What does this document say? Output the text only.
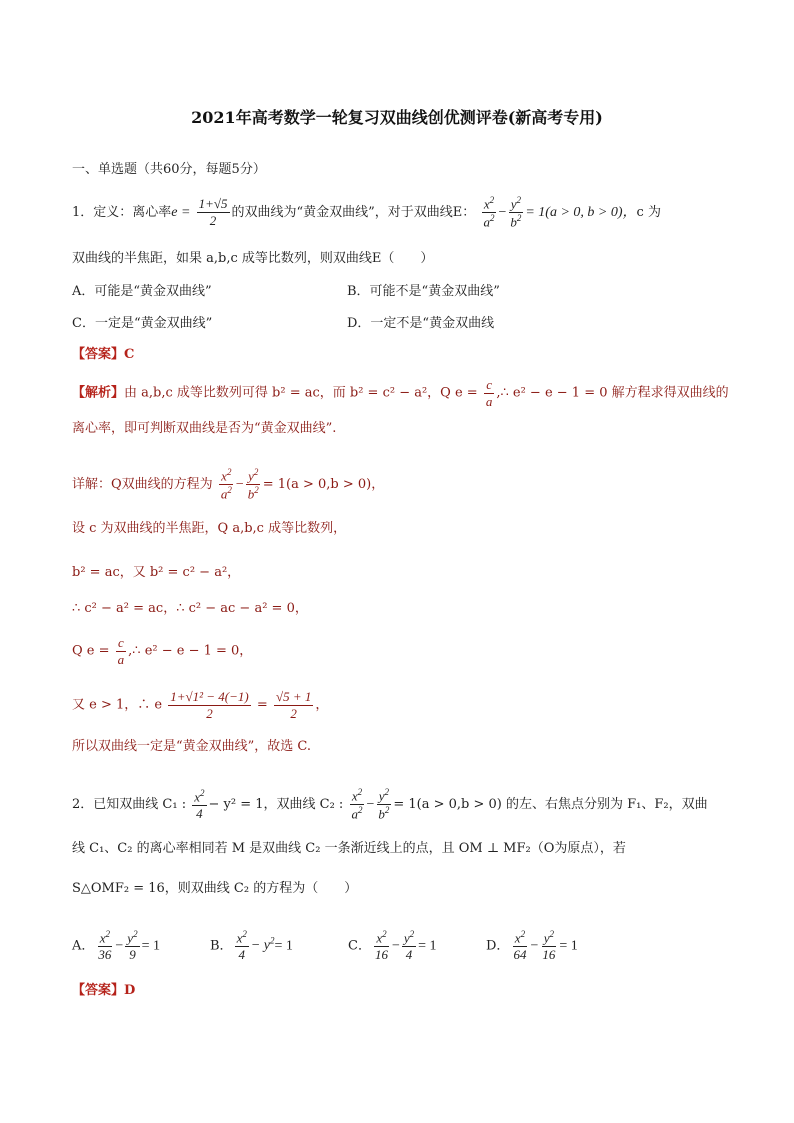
2021年高考数学一轮复习双曲线创优测评卷(新高考专用)
一、单选题（共60分，每题5分）
1．定义：离心率$e = \frac{1+√5}{2}$ 的双曲线为“黄金双曲线”，对于双曲线E： $\frac{x^2}{a^2} - \frac{y^2}{b^2} = 1(a > 0$, b > 0)，c 为
双曲线的半焦距，如果 a,b,c 成等比数列，则双曲线E（　　）
A．可能是“黄金双曲线”	B．可能不是“黄金双曲线”
C．一定是“黄金双曲线”	D．一定不是“黄金双曲线
【答案】C
【解析】由 a,b,c 成等比数列可得 b² = ac，而 b² = c² − a²，Q $e = \frac{c}{a}$ ,∴ e² − e − 1 = 0 解方程求得双曲线的
离心率，即可判断双曲线是否为“黄金双曲线”.
详解：Q双曲线的方程为 $\frac{x^2}{a^2} - \frac{y^2}{b^2} = 1(a > 0,b > 0)$，
设 c 为双曲线的半焦距，Q a,b,c 成等比数列，
b² = ac，又 b² = c² − a²，
∴ c² − a² = ac，∴ c² − ac − a² = 0，
Q $e = \frac{c}{a}$ ,∴ e² − e − 1 = 0，
又 e > 1，∴ e $\frac{\text{1+√1² − 4(−1)}}{2} = \frac{√5 + 1}{2}$ ，
所以双曲线一定是“黄金双曲线”，故选 C.
2．已知双曲线 C₁ : $\frac{x^2}{4} - y^2 = 1$，双曲线 C₂ : $\frac{x^2}{a^2} - \frac{y^2}{b^2} = 1(a > 0,b > 0)$ 的左、右焦点分别为 F₁、F₂，双曲
线 C₁、C₂ 的离心率相同若 M 是双曲线 C₂ 一条渐近线上的点，且 OM ⊥ MF₂（O为原点），若
S△OMF₂ = 16，则双曲线 C₂ 的方程为（　　）
A． $\frac{x^2}{36} - \frac{y^2}{9} = 1$	B． $\frac{x^2}{4} - y^2= 1$	C． $\frac{x^2}{16} - \frac{y^2}{4} = 1$	D． $\frac{x^2}{64} - \frac{y^2}{16} = 1$
【答案】D
